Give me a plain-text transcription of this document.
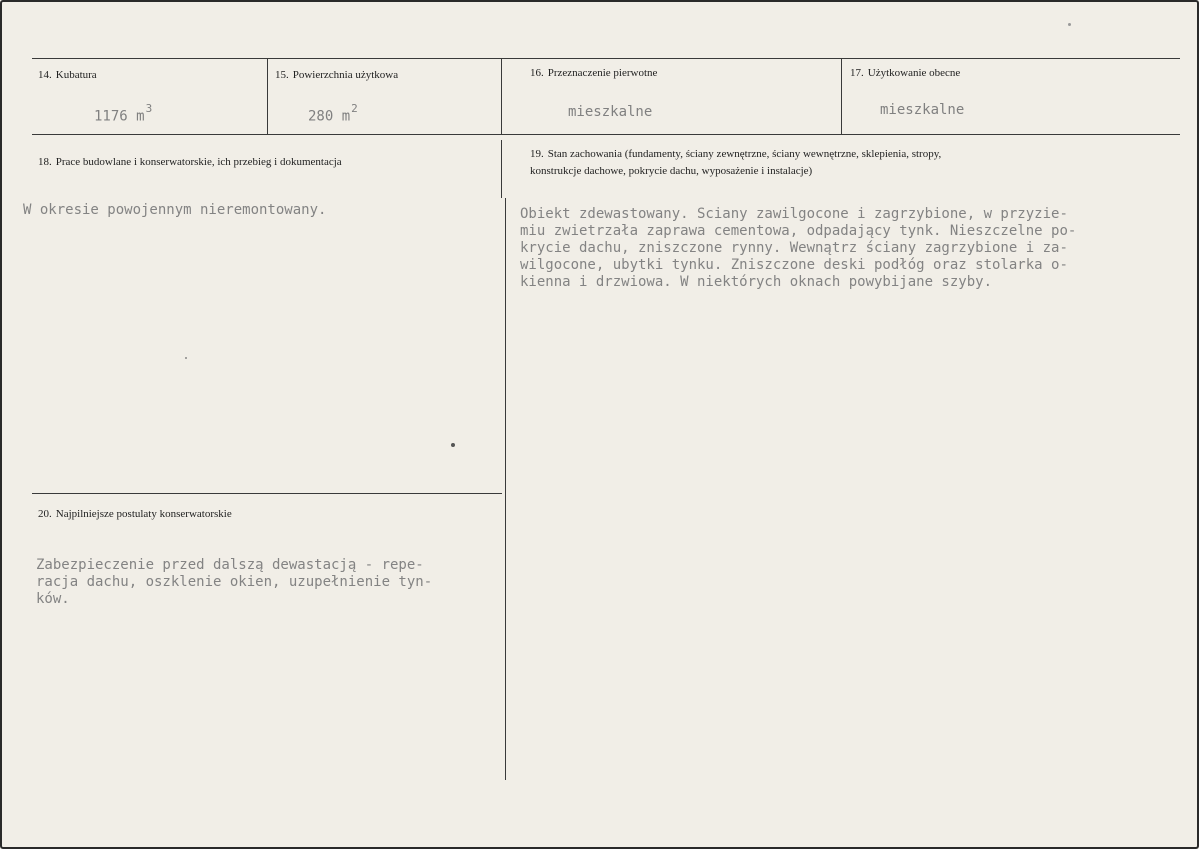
14. Kubatura
1176 $m^3$
15. Powierzchnia użytkowa
280 $m^2$
16. Przeznaczenie pierwotne
mieszkalne
17. Użytkowanie obecne
mieszkalne
18. Prace budowlane i konserwatorskie, ich przebieg i dokumentacja
W okresie powojennym nieremontowany.
19. Stan zachowania (fundamenty, ściany zewnętrzne, ściany wewnętrzne, sklepienia, stropy,
konstrukcje dachowe, pokrycie dachu, wyposażenie i instalacje)
Obiekt zdewastowany. Sciany zawilgocone i zagrzybione, w przyzie-
miu zwietrzała zaprawa cementowa, odpadający tynk. Nieszczelne po-
krycie dachu, zniszczone rynny. Wewnątrz ściany zagrzybione i za-
wilgocone, ubytki tynku. Zniszczone deski podłóg oraz stolarka o-
kienna i drzwiowa. W niektórych oknach powybijane szyby.
20. Najpilniejsze postulaty konserwatorskie
Zabezpieczenie przed dalszą dewastacją - repe-
racja dachu, oszklenie okien, uzupełnienie tyn-
ków.
